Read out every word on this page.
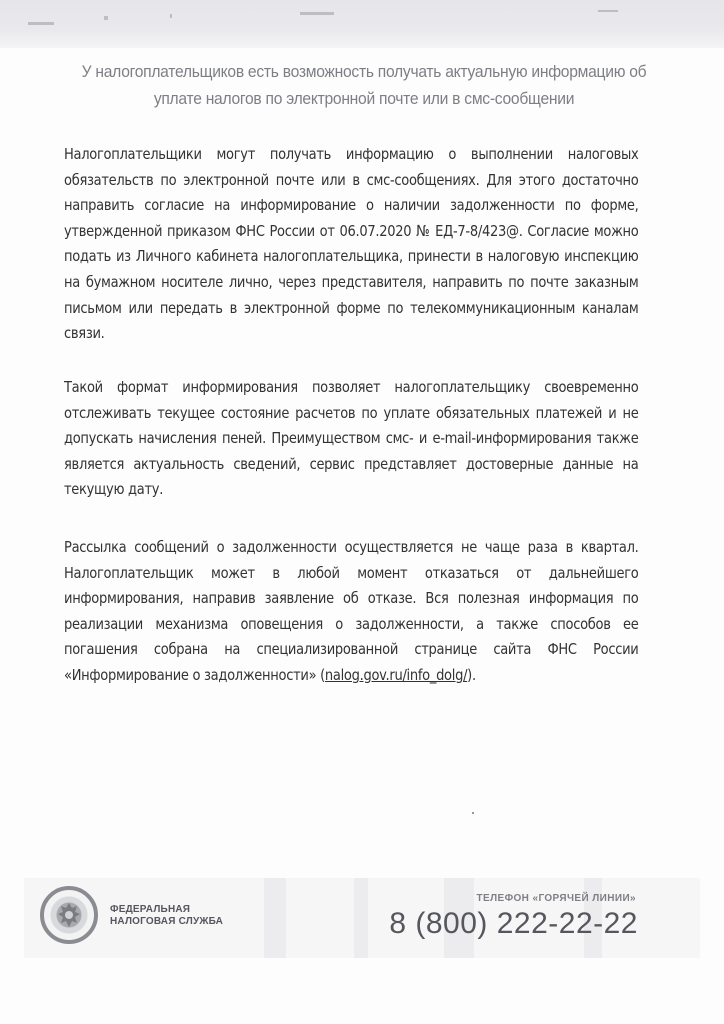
У налогоплательщиков есть возможность получать актуальную информацию об
уплате налогов по электронной почте или в смс-сообщении
Налогоплательщики могут получать информацию о выполнении налоговых обязательств по электронной почте или в смс-сообщениях. Для этого достаточно направить согласие на информирование о наличии задолженности по форме, утвержденной приказом ФНС России от 06.07.2020 № ЕД-7-8/423@. Согласие можно подать из Личного кабинета налогоплательщика, принести в налоговую инспекцию на бумажном носителе лично, через представителя, направить по почте заказным письмом или передать в электронной форме по телекоммуникационным каналам связи.
Такой формат информирования позволяет налогоплательщику своевременно отслеживать текущее состояние расчетов по уплате обязательных платежей и не допускать начисления пеней. Преимуществом смс- и e-mail-информирования также является актуальность сведений, сервис представляет достоверные данные на текущую дату.
Рассылка сообщений о задолженности осуществляется не чаще раза в квартал. Налогоплательщик может в любой момент отказаться от дальнейшего информирования, направив заявление об отказе. Вся полезная информация по реализации механизма оповещения о задолженности, а также способов ее погашения собрана на специализированной странице сайта ФНС России «Информирование о задолженности» (nalog.gov.ru/info_dolg/).
ФЕДЕРАЛЬНАЯ
НАЛОГОВАЯ СЛУЖБА
ТЕЛЕФОН «ГОРЯЧЕЙ ЛИНИИ»
8 (800) 222-22-22
